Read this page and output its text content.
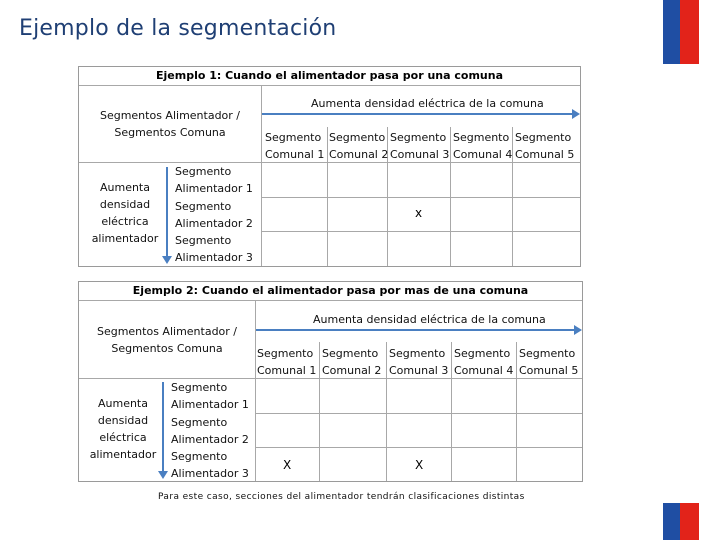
Ejemplo de la segmentación
Ejemplo 1: Cuando el alimentador pasa por una comuna
Segmentos Alimentador /
Segmentos Comuna
Aumenta densidad eléctrica de la comuna
Segmento
Comunal 1
Segmento
Comunal 2
Segmento
Comunal 3
Segmento
Comunal 4
Segmento
Comunal 5
Aumenta
densidad
eléctrica
alimentador
Segmento
Alimentador 1
Segmento
Alimentador 2
Segmento
Alimentador 3
x
Ejemplo 2: Cuando el alimentador pasa por mas de una comuna
Segmentos Alimentador /
Segmentos Comuna
Aumenta densidad eléctrica de la comuna
Segmento
Comunal 1
Segmento
Comunal 2
Segmento
Comunal 3
Segmento
Comunal 4
Segmento
Comunal 5
Aumenta
densidad
eléctrica
alimentador
Segmento
Alimentador 1
Segmento
Alimentador 2
Segmento
Alimentador 3
X	X
Para este caso, secciones del alimentador tendrán clasificaciones distintas
